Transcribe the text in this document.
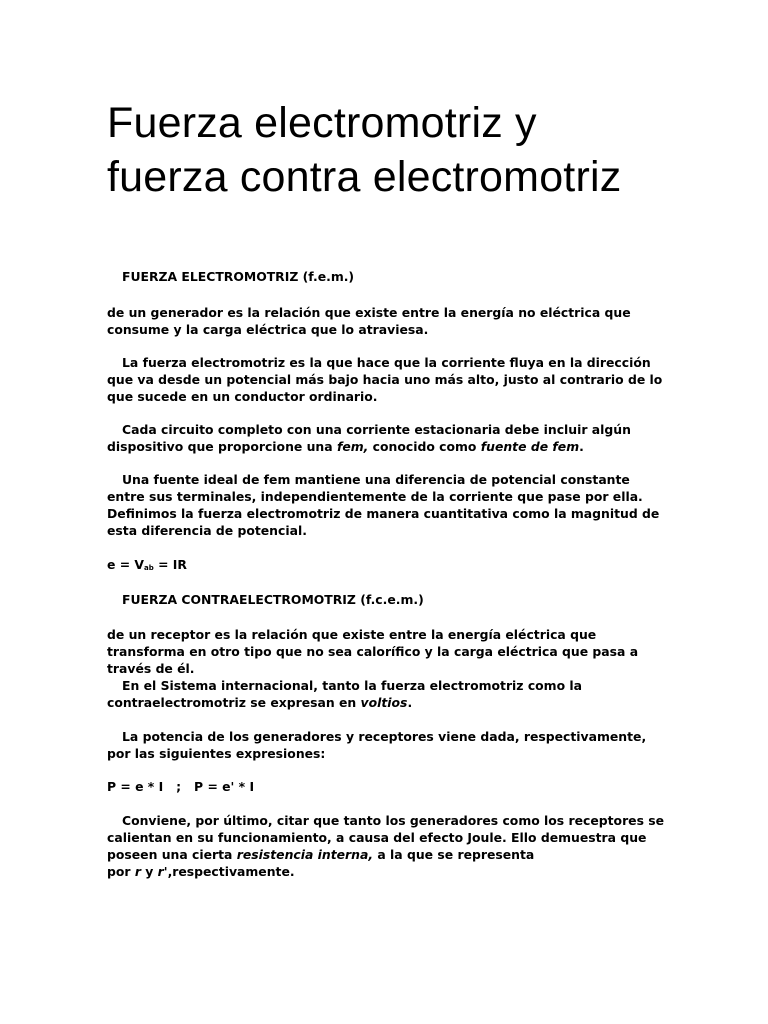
Fuerza electromotriz y fuerza contra electromotriz

FUERZA ELECTROMOTRIZ (f.e.m.)

de un generador es la relación que existe entre la energía no eléctrica que consume y la carga eléctrica que lo atraviesa.

La fuerza electromotriz es la que hace que la corriente fluya en la dirección que va desde un potencial más bajo hacia uno más alto, justo al contrario de lo que sucede en un conductor ordinario.

Cada circuito completo con una corriente estacionaria debe incluir algún dispositivo que proporcione una fem, conocido como fuente de fem.

Una fuente ideal de fem mantiene una diferencia de potencial constante entre sus terminales, independientemente de la corriente que pase por ella. Definimos la fuerza electromotriz de manera cuantitativa como la magnitud de esta diferencia de potencial.

$e = V_{ab}$ = IR

FUERZA CONTRAELECTROMOTRIZ (f.c.e.m.)

de un receptor es la relación que existe entre la energía eléctrica que transforma en otro tipo que no sea calorífico y la carga eléctrica que pasa a través de él.

En el Sistema internacional, tanto la fuerza electromotriz como la contraelectromotriz se expresan en voltios.

La potencia de los generadores y receptores viene dada, respectivamente, por las siguientes expresiones:

P = e * I   ;   P = e' * I

Conviene, por último, citar que tanto los generadores como los receptores se calientan en su funcionamiento, a causa del efecto Joule. Ello demuestra que poseen una cierta resistencia interna, a la que se representa

por r y r',respectivamente.
